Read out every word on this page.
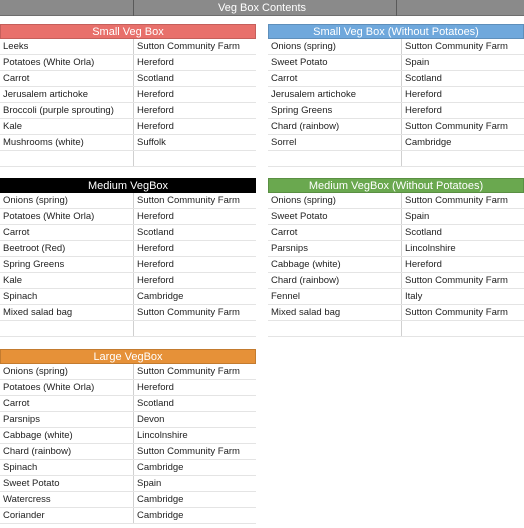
Veg Box Contents
Small Veg Box
Leeks	Sutton Community Farm
Potatoes (White Orla)	Hereford
Carrot	Scotland
Jerusalem artichoke	Hereford
Broccoli (purple sprouting)	Hereford
Kale	Hereford
Mushrooms (white)	Suffolk
Small Veg Box (Without Potatoes)
Onions (spring)	Sutton Community Farm
Sweet Potato	Spain
Carrot	Scotland
Jerusalem artichoke	Hereford
Spring Greens	Hereford
Chard (rainbow)	Sutton Community Farm
Sorrel	Cambridge
Medium VegBox
Onions (spring)	Sutton Community Farm
Potatoes (White Orla)	Hereford
Carrot	Scotland
Beetroot (Red)	Hereford
Spring Greens	Hereford
Kale	Hereford
Spinach	Cambridge
Mixed salad bag	Sutton Community Farm
Medium VegBox (Without Potatoes)
Onions (spring)	Sutton Community Farm
Sweet Potato	Spain
Carrot	Scotland
Parsnips	Lincolnshire
Cabbage (white)	Hereford
Chard (rainbow)	Sutton Community Farm
Fennel	Italy
Mixed salad bag	Sutton Community Farm
Large VegBox
Onions (spring)	Sutton Community Farm
Potatoes (White Orla)	Hereford
Carrot	Scotland
Parsnips	Devon
Cabbage (white)	Lincolnshire
Chard (rainbow)	Sutton Community Farm
Spinach	Cambridge
Sweet Potato	Spain
Watercress	Cambridge
Coriander	Cambridge
